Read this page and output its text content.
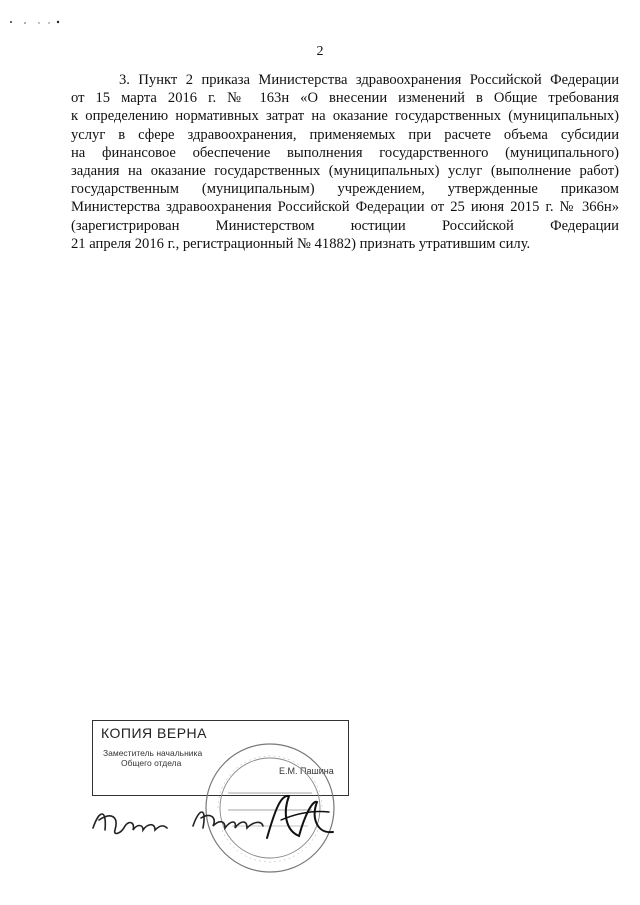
2

3. Пункт 2 приказа Министерства здравоохранения Российской Федерации
от 15 марта 2016 г. № 163н «О внесении изменений в Общие требования
к определению нормативных затрат на оказание государственных (муниципальных)
услуг в сфере здравоохранения, применяемых при расчете объема субсидии
на финансовое обеспечение выполнения государственного (муниципального)
задания на оказание государственных (муниципальных) услуг (выполнение работ)
государственным (муниципальным) учреждением, утвержденные приказом
Министерства здравоохранения Российской Федерации от 25 июня 2015 г. № 366н»
(зарегистрирован Министерством юстиции Российской Федерации
21 апреля 2016 г., регистрационный № 41882) признать утратившим силу.

КОПИЯ ВЕРНА
Заместитель начальника
Общего отдела
Е.М. Пашина
